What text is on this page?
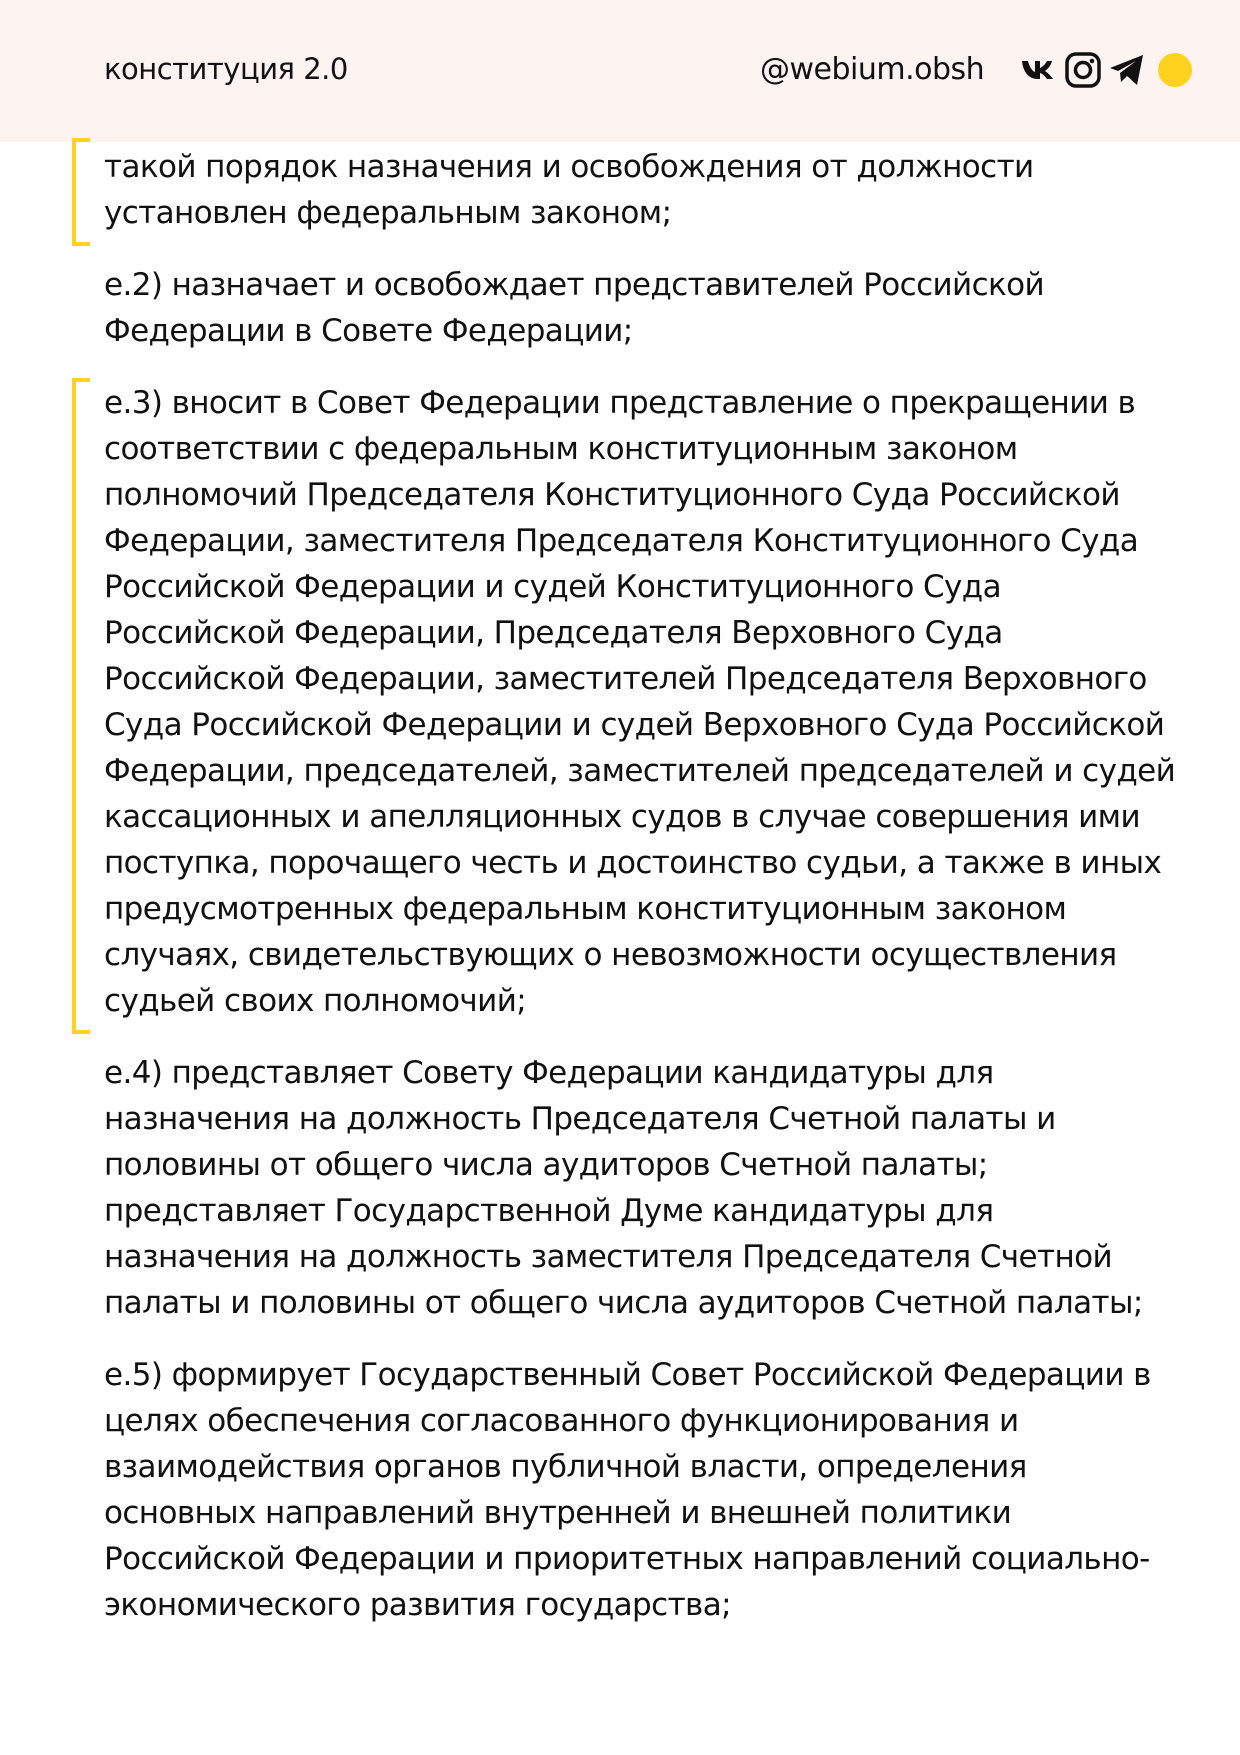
конституция 2.0	@webium.obsh

такой порядок назначения и освобождения от должности установлен федеральным законом;

е.2) назначает и освобождает представителей Российской Федерации в Совете Федерации;

е.3) вносит в Совет Федерации представление о прекращении в соответствии с федеральным конституционным законом полномочий Председателя Конституционного Суда Российской Федерации, заместителя Председателя Конституционного Суда Российской Федерации и судей Конституционного Суда Российской Федерации, Председателя Верховного Суда Российской Федерации, заместителей Председателя Верховного Суда Российской Федерации и судей Верховного Суда Российской Федерации, председателей, заместителей председателей и судей кассационных и апелляционных судов в случае совершения ими поступка, порочащего честь и достоинство судьи, а также в иных предусмотренных федеральным конституционным законом случаях, свидетельствующих о невозможности осуществления судьей своих полномочий;

е.4) представляет Совету Федерации кандидатуры для назначения на должность Председателя Счетной палаты и половины от общего числа аудиторов Счетной палаты; представляет Государственной Думе кандидатуры для назначения на должность заместителя Председателя Счетной палаты и половины от общего числа аудиторов Счетной палаты;

е.5) формирует Государственный Совет Российской Федерации в целях обеспечения согласованного функционирования и взаимодействия органов публичной власти, определения основных направлений внутренней и внешней политики Российской Федерации и приоритетных направлений социально-экономического развития государства;
